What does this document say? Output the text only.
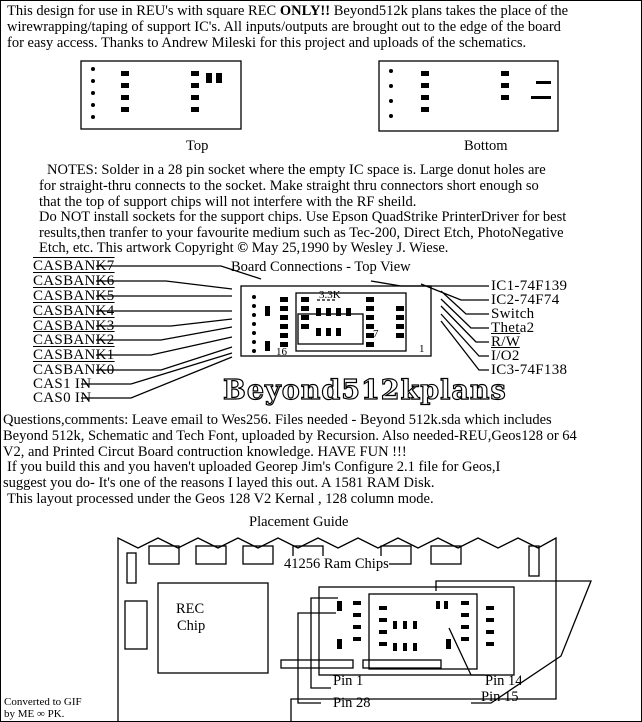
This design for use in REU's with square REC ONLY!! Beyond512k plans takes the place of the
wirewrapping/taping of support IC's. All inputs/outputs are brought out to the edge of the board
for easy access. Thanks to Andrew Mileski for this project and uploads of the schematics.
Top	Bottom
NOTES: Solder in a 28 pin socket where the empty IC space is. Large donut holes are
for straight-thru connects to the socket. Make straight thru connectors short enough so
that the top of support chips will not interfere with the RF sheild.
Do NOT install sockets for the support chips. Use Epson QuadStrike PrinterDriver for best
results,then tranfer to your favourite medium such as Tec-200, Direct Etch, PhotoNegative
Etch, etc. This artwork Copyright © May 25,1990 by Wesley J. Wiese.
Board Connections - Top View
CASBANK7
CASBANK6
CASBANK5
CASBANK4
CASBANK3
CASBANK2
CASBANK1
CASBANK0
CAS1 IN
CAS0 IN
IC1-74F139
IC2-74F74
Switch
Theta2
R/W
I/O2
IC3-74F138
3.3K
16
7
1
Beyond512kplans
Questions,comments: Leave email to Wes256. Files needed - Beyond 512k.sda which includes
Beyond 512k, Schematic and Tech Font, uploaded by Recursion. Also needed-REU,Geos128 or 64
V2, and Printed Circut Board contruction knowledge. HAVE FUN !!!
If you build this and you haven't uploaded Georep Jim's Configure 2.1 file for Geos,I
suggest you do- It's one of the reasons I layed this out. A 1581 RAM Disk.
This layout processed under the Geos 128 V2 Kernal , 128 column mode.
Placement Guide
41256 Ram Chips
REC
Chip
Pin 1
Pin 28
Pin 14
Pin 15
Converted to GIF
by ME ∞ PK.
